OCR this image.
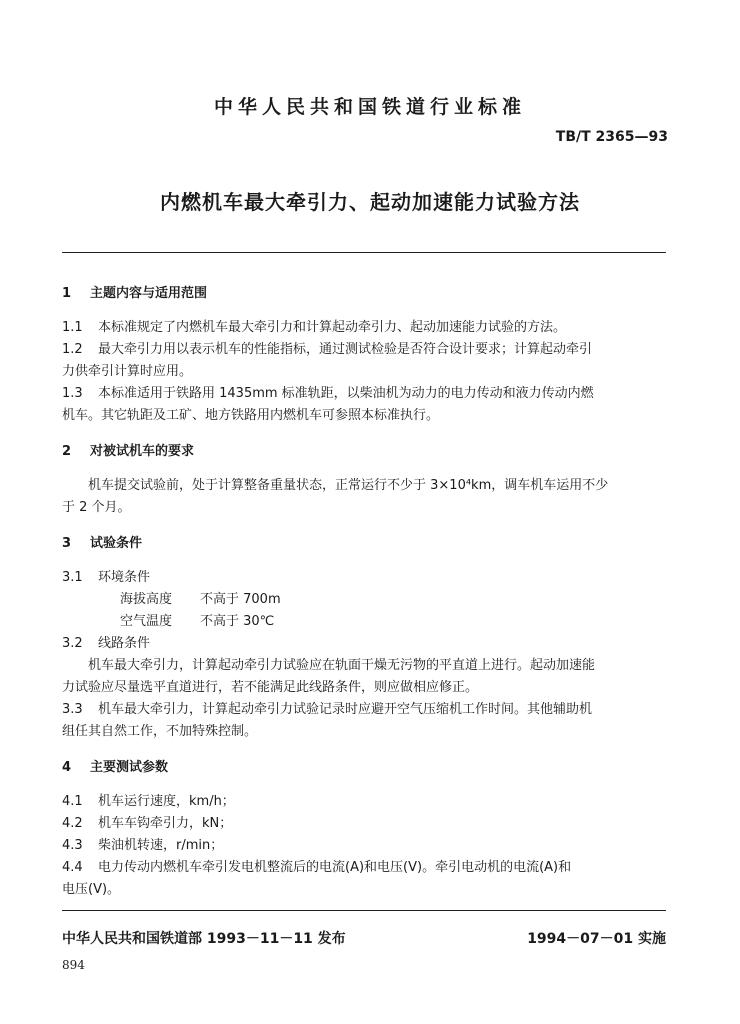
中华人民共和国铁道行业标准
TB/T 2365—93
内燃机车最大牵引力、起动加速能力试验方法
1 主题内容与适用范围
1.1 本标准规定了内燃机车最大牵引力和计算起动牵引力、起动加速能力试验的方法。
1.2 最大牵引力用以表示机车的性能指标，通过测试检验是否符合设计要求；计算起动牵引
力供牵引计算时应用。
1.3 本标准适用于铁路用 1435mm 标准轨距，以柴油机为动力的电力传动和液力传动内燃
机车。其它轨距及工矿、地方铁路用内燃机车可参照本标准执行。
2 对被试机车的要求
机车提交试验前，处于计算整备重量状态，正常运行不少于 3×10⁴km，调车机车运用不少
于 2 个月。
3 试验条件
3.1 环境条件
海拔高度 不高于 700m
空气温度 不高于 30℃
3.2 线路条件
机车最大牵引力，计算起动牵引力试验应在轨面干燥无污物的平直道上进行。起动加速能
力试验应尽量选平直道进行，若不能满足此线路条件，则应做相应修正。
3.3 机车最大牵引力，计算起动牵引力试验记录时应避开空气压缩机工作时间。其他辅助机
组任其自然工作，不加特殊控制。
4 主要测试参数
4.1 机车运行速度，km/h；
4.2 机车车钩牵引力，kN；
4.3 柴油机转速，r/min；
4.4 电力传动内燃机车牵引发电机整流后的电流(A)和电压(V)。牵引电动机的电流(A)和
电压(V)。
中华人民共和国铁道部 1993－11－11 发布	1994－07－01 实施
894
